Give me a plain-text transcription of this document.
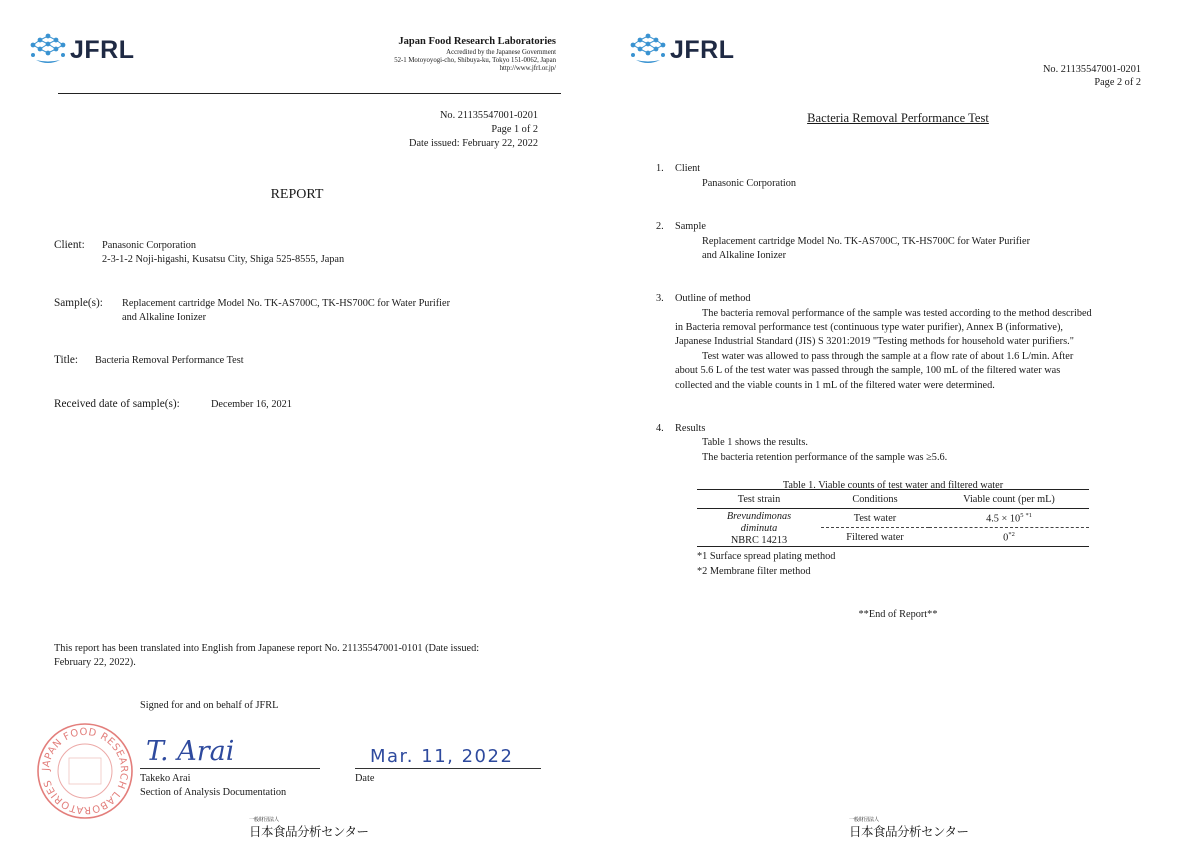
JFRL	Japan Food Research Laboratories
Accredited by the Japanese Government
52-1 Motoyoyogi-cho, Shibuya-ku, Tokyo 151-0062, Japan
http://www.jfrl.or.jp/
No. 21135547001-0201
Page 1 of 2
Date issued: February 22, 2022
REPORT
Client: Panasonic Corporation
2-3-1-2 Noji-higashi, Kusatsu City, Shiga 525-8555, Japan
Sample(s): Replacement cartridge Model No. TK-AS700C, TK-HS700C for Water Purifier
and Alkaline Ionizer
Title: Bacteria Removal Performance Test
Received date of sample(s):	December 16, 2021
This report has been translated into English from Japanese report No. 21135547001-0101 (Date issued:
February 22, 2022).
Signed for and on behalf of JFRL
JAPAN FOOD RESEARCH LABORATORIES
T. Arai
Takeko Arai
Section of Analysis Documentation
Mar. 11, 2022
Date
一般財団法人
日本食品分析センター
JFRL
No. 21135547001-0201
Page 2 of 2
Bacteria Removal Performance Test
1. Client
Panasonic Corporation
2. Sample
Replacement cartridge Model No. TK-AS700C, TK-HS700C for Water Purifier
and Alkaline Ionizer
3. Outline of method
The bacteria removal performance of the sample was tested according to the method described
in Bacteria removal performance test (continuous type water purifier), Annex B (informative),
Japanese Industrial Standard (JIS) S 3201:2019 "Testing methods for household water purifiers."
Test water was allowed to pass through the sample at a flow rate of about 1.6 L/min. After
about 5.6 L of the test water was passed through the sample, 100 mL of the filtered water was
collected and the viable counts in 1 mL of the filtered water were determined.
4. Results
Table 1 shows the results.
The bacteria retention performance of the sample was ≥5.6.
Table 1. Viable counts of test water and filtered water
一般財団法人
日本食品分析センター
Test strain	Conditions	Viable count (per mL)

Brevundimonas
diminuta
NBRC 14213	Test water	$4.5 \times 10^5$ $^{*1}$
	Filtered water	0$^{*2}$
*1 Surface spread plating method
*2 Membrane filter method
**End of Report**
